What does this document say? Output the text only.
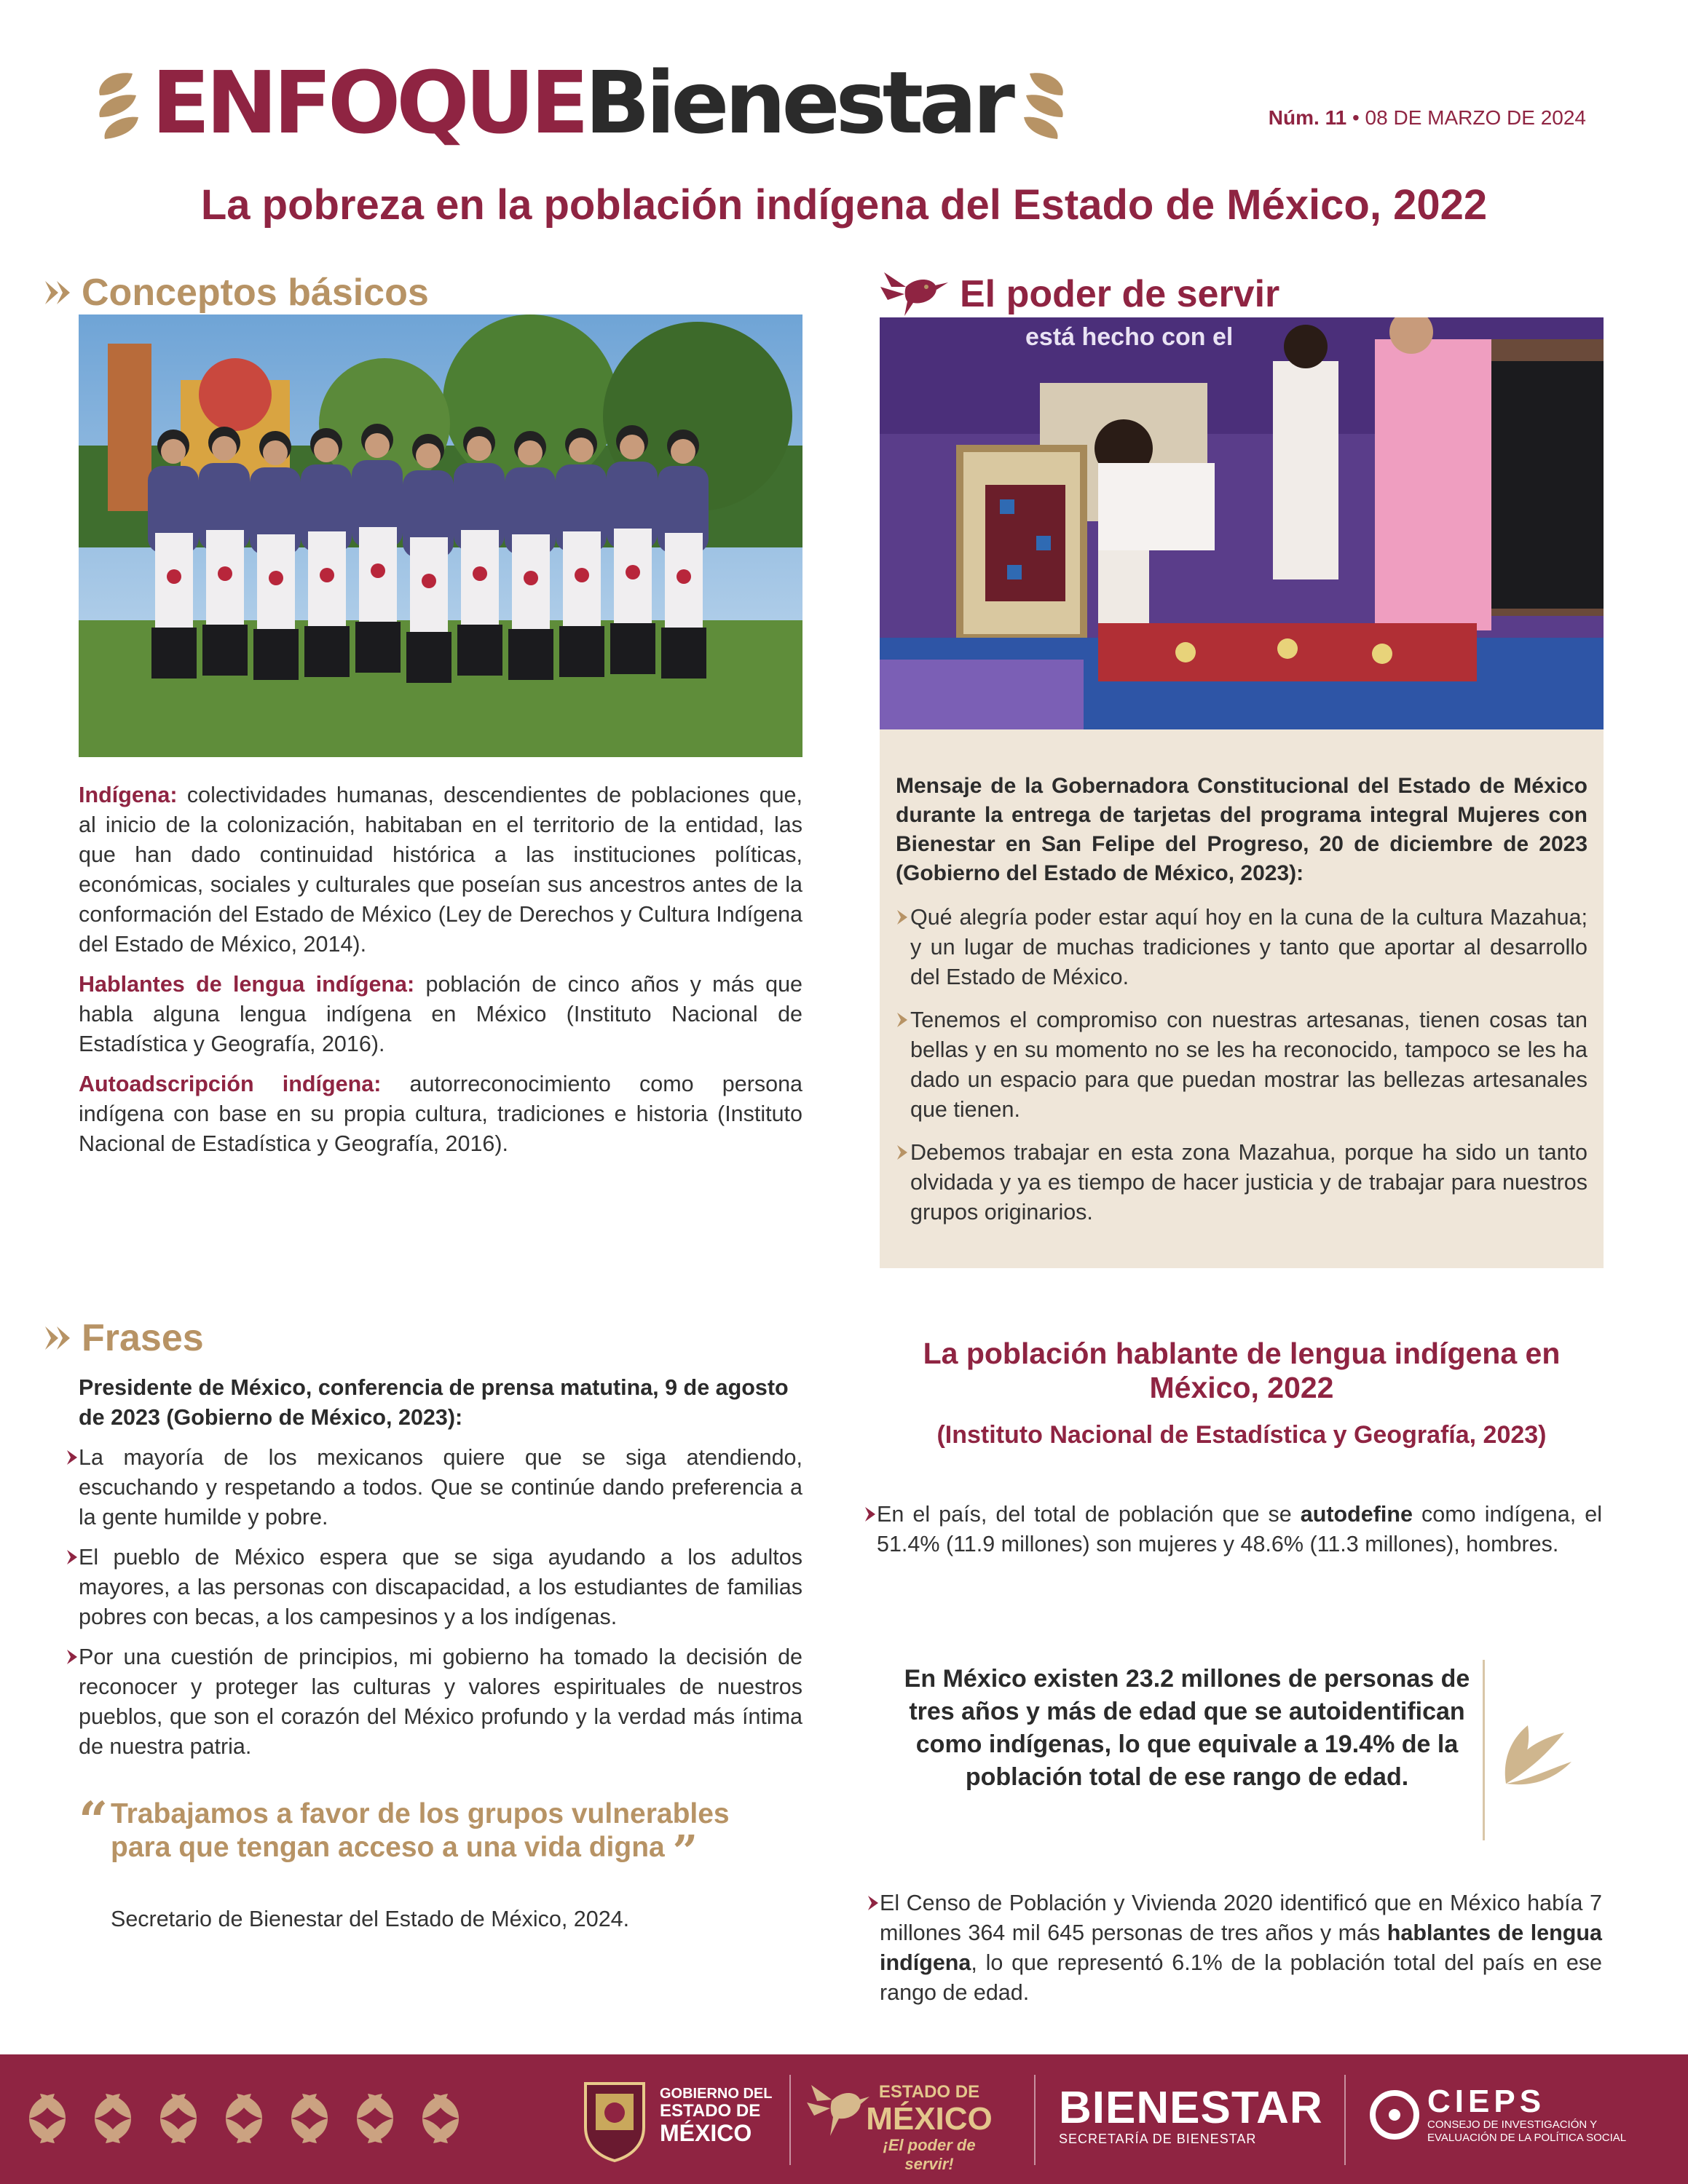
ENFOQUEBienestar	Núm. 11 • 08 DE MARZO DE 2024
La pobreza en la población indígena del Estado de México, 2022
Conceptos básicos

Indígena: colectividades humanas, descendientes de poblaciones que, al inicio de la colonización, habitaban en el territorio de la entidad, las que han dado continuidad histórica a las instituciones políticas, económicas, sociales y culturales que poseían sus ancestros antes de la conformación del Estado de México (Ley de Derechos y Cultura Indígena del Estado de México, 2014).

Hablantes de lengua indígena: población de cinco años y más que habla alguna lengua indígena en México (Instituto Nacional de Estadística y Geografía, 2016).

Autoadscripción indígena: autorreconocimiento como persona indígena con base en su propia cultura, tradiciones e historia (Instituto Nacional de Estadística y Geografía, 2016).

El poder de servir
está hecho con el

Mensaje de la Gobernadora Constitucional del Estado de México durante la entrega de tarjetas del programa integral Mujeres con Bienestar en San Felipe del Progreso, 20 de diciembre de 2023 (Gobierno del Estado de México, 2023):

Qué alegría poder estar aquí hoy en la cuna de la cultura Mazahua; y un lugar de muchas tradiciones y tanto que aportar al desarrollo del Estado de México.

Tenemos el compromiso con nuestras artesanas, tienen cosas tan bellas y en su momento no se les ha reconocido, tampoco se les ha dado un espacio para que puedan mostrar las bellezas artesanales que tienen.

Debemos trabajar en esta zona Mazahua, porque ha sido un tanto olvidada y ya es tiempo de hacer justicia y de trabajar para nuestros grupos originarios.

Frases

Presidente de México, conferencia de prensa matutina, 9 de agosto de 2023 (Gobierno de México, 2023):

La mayoría de los mexicanos quiere que se siga atendiendo, escuchando y respetando a todos. Que se continúe dando preferencia a la gente humilde y pobre.

El pueblo de México espera que se siga ayudando a los adultos mayores, a las personas con discapacidad, a los estudiantes de familias pobres con becas, a los campesinos y a los indígenas.

Por una cuestión de principios, mi gobierno ha tomado la decisión de reconocer y proteger las culturas y valores espirituales de nuestros pueblos, que son el corazón del México profundo y la verdad más íntima de nuestra patria.

“ Trabajamos a favor de los grupos vulnerables para que tengan acceso a una vida digna ”

Secretario de Bienestar del Estado de México, 2024.

La población hablante de lengua indígena en México, 2022
(Instituto Nacional de Estadística y Geografía, 2023)

En el país, del total de población que se autodefine como indígena, el 51.4% (11.9 millones) son mujeres y 48.6% (11.3 millones), hombres.

En México existen 23.2 millones de personas de tres años y más de edad que se autoidentifican como indígenas, lo que equivale a 19.4% de la población total de ese rango de edad.

El Censo de Población y Vivienda 2020 identificó que en México había 7 millones 364 mil 645 personas de tres años y más hablantes de lengua indígena, lo que representó 6.1% de la población total del país en ese rango de edad.

GOBIERNO DEL
ESTADO DE
MÉXICO
ESTADO DE
MÉXICO
¡El poder de servir!
BIENESTAR
SECRETARÍA DE BIENESTAR
CIEPS
CONSEJO DE INVESTIGACIÓN Y
EVALUACIÓN DE LA POLÍTICA SOCIAL
